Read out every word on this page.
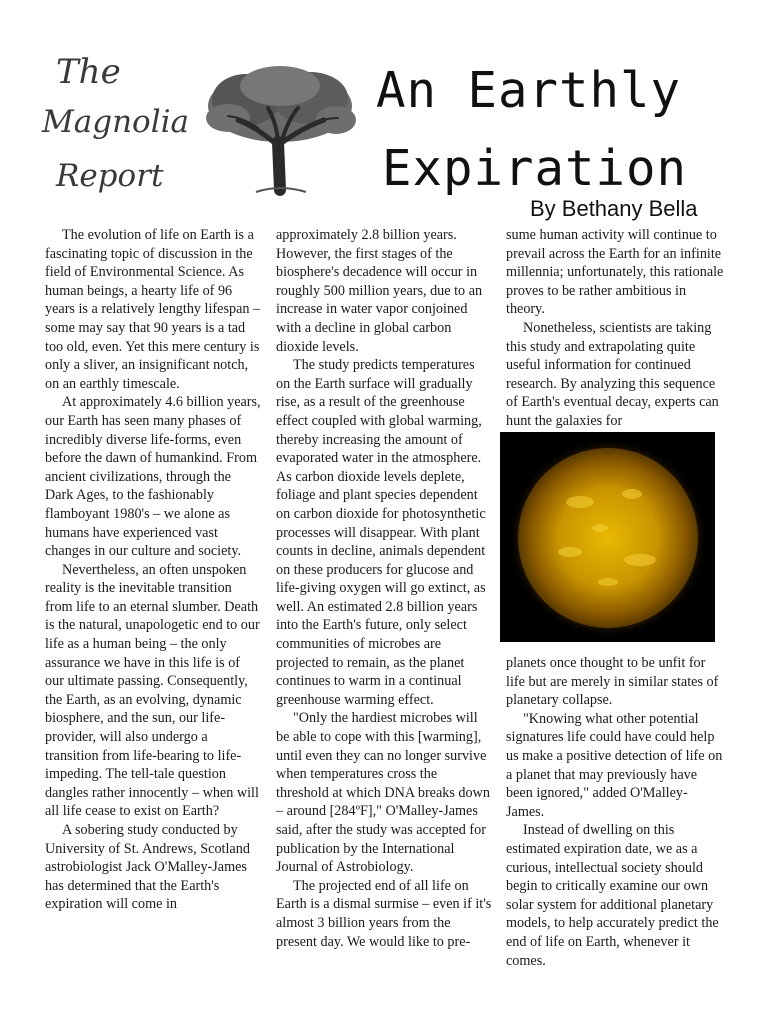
The
Magnolia
Report
An Earthly
Expiration
By Bethany Bella

The evolution of life on Earth is a fascinating topic of discussion in the field of Environmental Science. As human beings, a hearty life of 96 years is a relatively lengthy lifespan – some may say that 90 years is a tad too old, even. Yet this mere century is only a sliver, an insignificant notch, on an earthly timescale.

At approximately 4.6 billion years, our Earth has seen many phases of incredibly diverse life-forms, even before the dawn of humankind. From ancient civilizations, through the Dark Ages, to the fashionably flamboyant 1980's – we alone as humans have experienced vast changes in our culture and society.

Nevertheless, an often unspoken reality is the inevitable transition from life to an eternal slumber. Death is the natural, unapologetic end to our life as a human being – the only assurance we have in this life is of our ultimate passing. Consequently, the Earth, as an evolving, dynamic biosphere, and the sun, our life-provider, will also undergo a transition from life-bearing to life-impeding. The tell-tale question dangles rather innocently – when will all life cease to exist on Earth?

A sobering study conducted by University of St. Andrews, Scotland astrobiologist Jack O'Malley-James has determined that the Earth's expiration will come in

approximately 2.8 billion years. However, the first stages of the biosphere's decadence will occur in roughly 500 million years, due to an increase in water vapor conjoined with a decline in global carbon dioxide levels.

The study predicts temperatures on the Earth surface will gradually rise, as a result of the greenhouse effect coupled with global warming, thereby increasing the amount of evaporated water in the atmosphere. As carbon dioxide levels deplete, foliage and plant species dependent on carbon dioxide for photosynthetic processes will disappear. With plant counts in decline, animals dependent on these producers for glucose and life-giving oxygen will go extinct, as well. An estimated 2.8 billion years into the Earth's future, only select communities of microbes are projected to remain, as the planet continues to warm in a continual greenhouse warming effect.

"Only the hardiest microbes will be able to cope with this [warming], until even they can no longer survive when temperatures cross the threshold at which DNA breaks down – around [284ºF]," O'Malley-James said, after the study was accepted for publication by the International Journal of Astrobiology.

The projected end of all life on Earth is a dismal surmise – even if it's almost 3 billion years from the present day. We would like to pre-

sume human activity will continue to prevail across the Earth for an infinite millennia; unfortunately, this rationale proves to be rather ambitious in theory.

Nonetheless, scientists are taking this study and extrapolating quite useful information for continued research. By analyzing this sequence of Earth's eventual decay, experts can hunt the galaxies for

planets once thought to be unfit for life but are merely in similar states of planetary collapse.

"Knowing what other potential signatures life could have could help us make a positive detection of life on a planet that may previously have been ignored," added O'Malley-James.

Instead of dwelling on this estimated expiration date, we as a curious, intellectual society should begin to critically examine our own solar system for additional planetary models, to help accurately predict the end of life on Earth, whenever it comes.
